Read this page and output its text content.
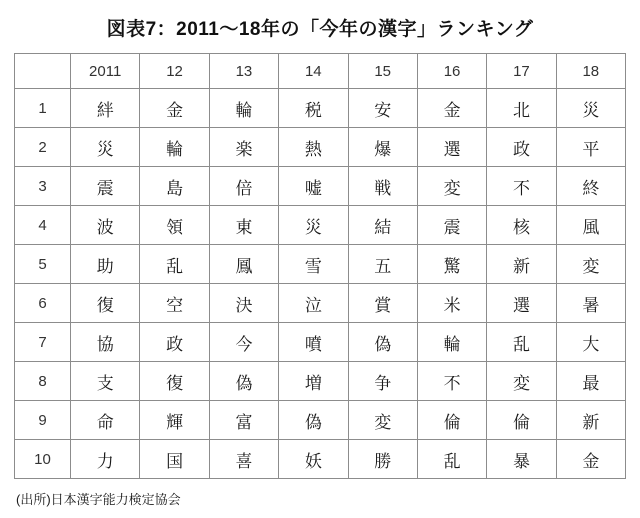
図表7：2011〜18年の「今年の漢字」ランキング
	2011	12	13	14	15	16	17	18
1	絆	金	輪	税	安	金	北	災
2	災	輪	楽	熱	爆	選	政	平
3	震	島	倍	嘘	戦	変	不	終
4	波	領	東	災	結	震	核	風
5	助	乱	鳳	雪	五	驚	新	変
6	復	空	決	泣	賞	米	選	暑
7	協	政	今	噴	偽	輪	乱	大
8	支	復	偽	増	争	不	変	最
9	命	輝	富	偽	変	倫	倫	新
10	力	国	喜	妖	勝	乱	暴	金
(出所)日本漢字能力検定協会
